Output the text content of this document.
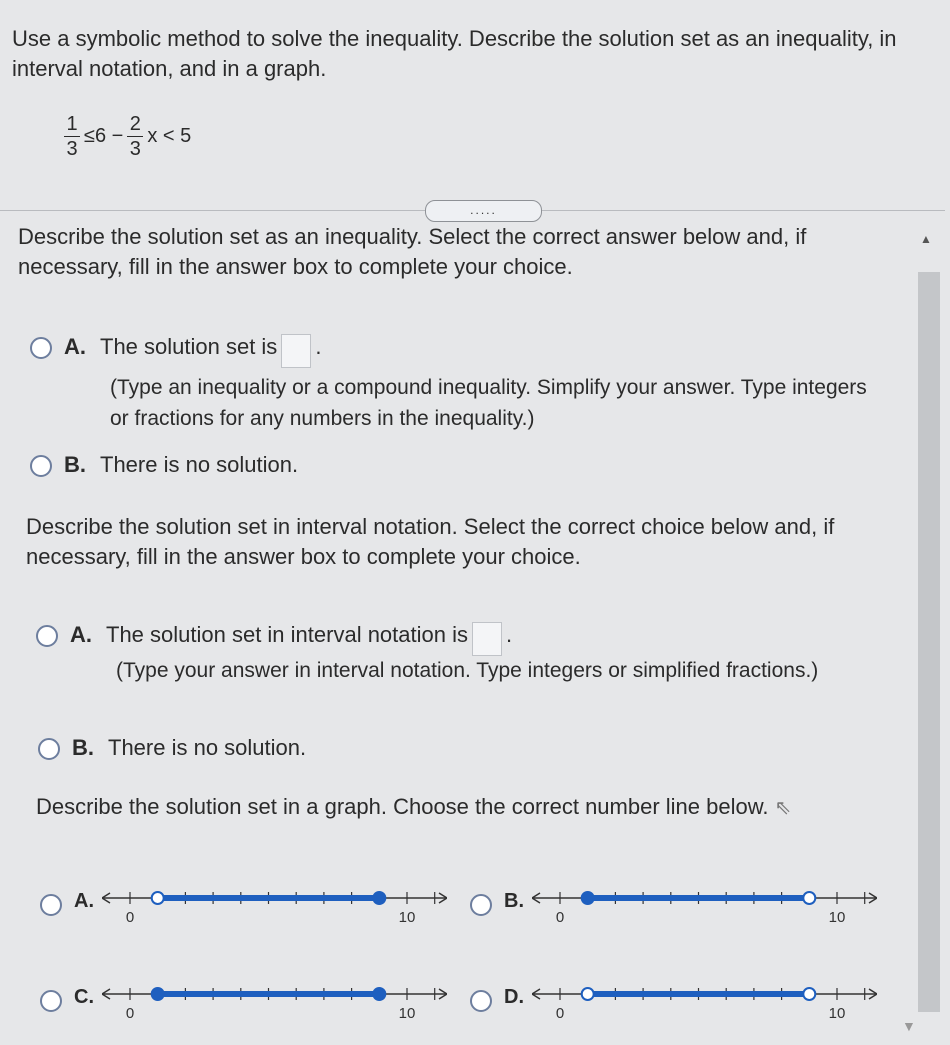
Use a symbolic method to solve the inequality. Describe the solution set as an inequality, in interval notation, and in a graph.
$\frac{1}{3} \le 6 - \frac{2}{3}$ x < 5
.....
▲
▼
Describe the solution set as an inequality. Select the correct answer below and, if necessary, fill in the answer box to complete your choice.
A. The solution set is .
(Type an inequality or a compound inequality. Simplify your answer. Type integers or fractions for any numbers in the inequality.)
B. There is no solution.
Describe the solution set in interval notation. Select the correct choice below and, if necessary, fill in the answer box to complete your choice.
A. The solution set in interval notation is .
(Type your answer in interval notation. Type integers or simplified fractions.)
B. There is no solution.
Describe the solution set in a graph. Choose the correct number line below. ⇖
A.
0	10
B.
0	10
C.
0	10
D.
0	10
